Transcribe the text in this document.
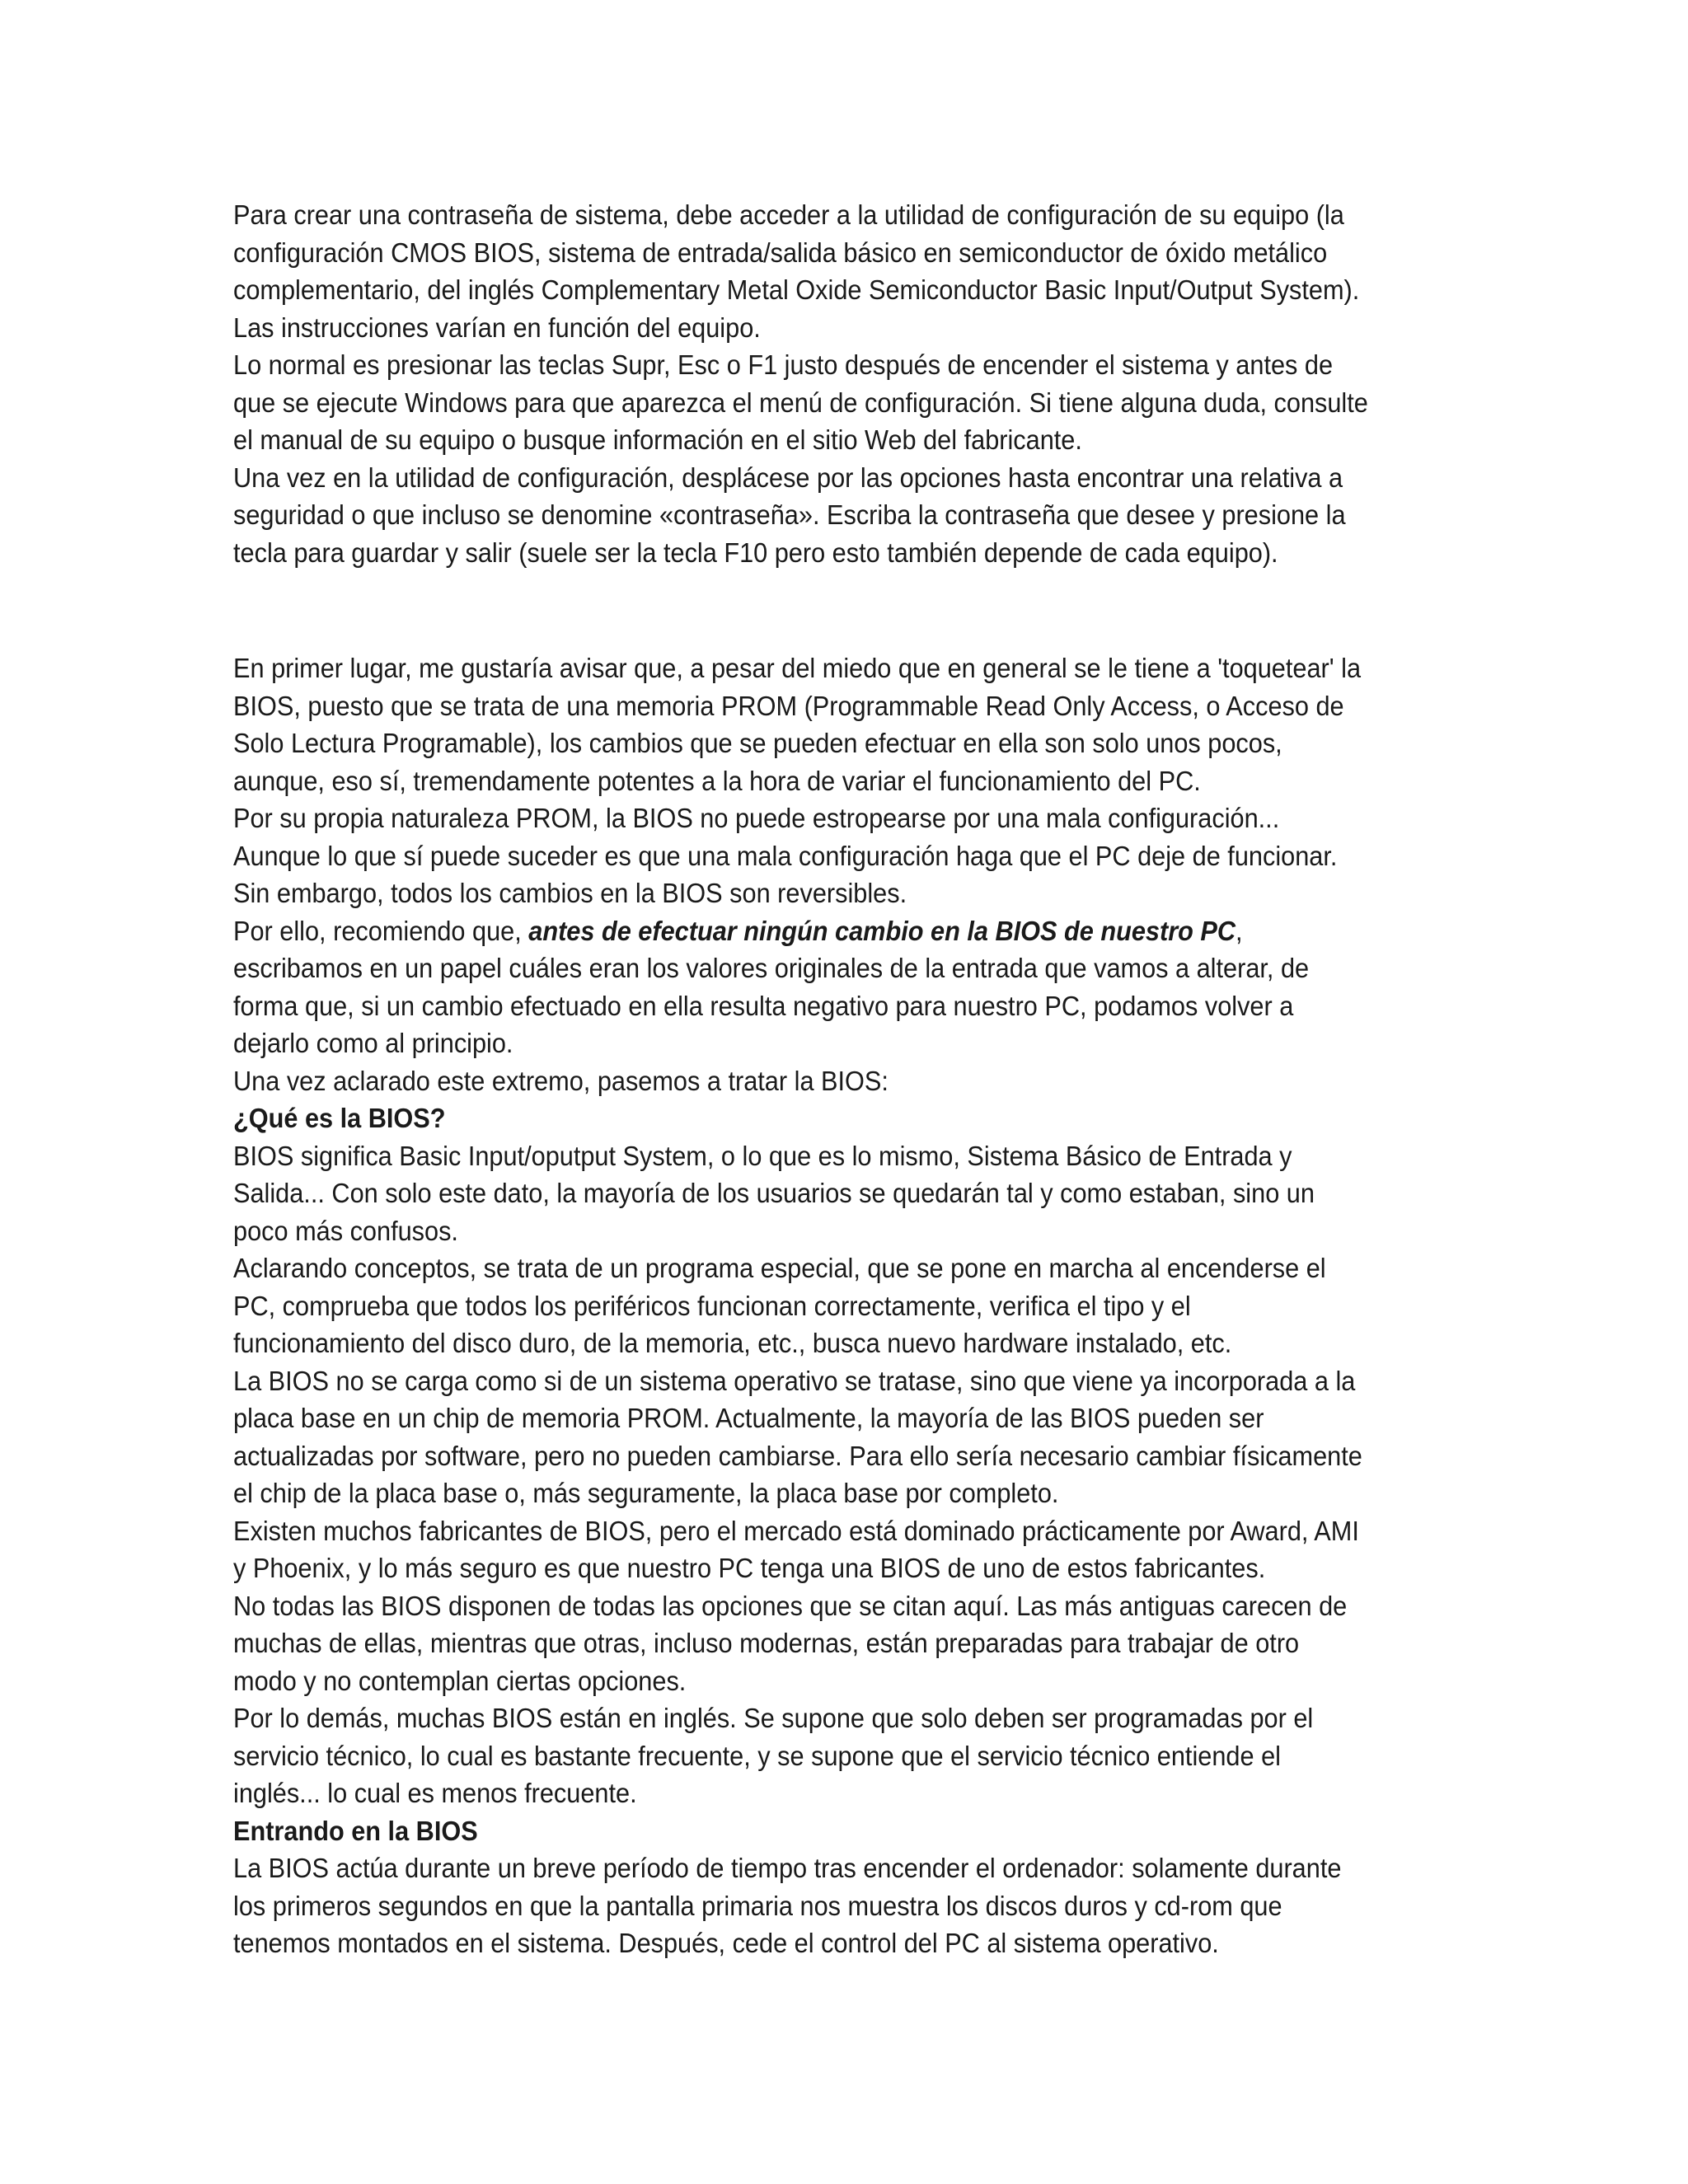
Para crear una contraseña de sistema, debe acceder a la utilidad de configuración de su equipo (la
configuración CMOS BIOS, sistema de entrada/salida básico en semiconductor de óxido metálico
complementario, del inglés Complementary Metal Oxide Semiconductor Basic Input/Output System).
Las instrucciones varían en función del equipo.
Lo normal es presionar las teclas Supr, Esc o F1 justo después de encender el sistema y antes de
que se ejecute Windows para que aparezca el menú de configuración. Si tiene alguna duda, consulte
el manual de su equipo o busque información en el sitio Web del fabricante.
Una vez en la utilidad de configuración, desplácese por las opciones hasta encontrar una relativa a
seguridad o que incluso se denomine «contraseña». Escriba la contraseña que desee y presione la
tecla para guardar y salir (suele ser la tecla F10 pero esto también depende de cada equipo).
En primer lugar, me gustaría avisar que, a pesar del miedo que en general se le tiene a 'toquetear' la
BIOS, puesto que se trata de una memoria PROM (Programmable Read Only Access, o Acceso de
Solo Lectura Programable), los cambios que se pueden efectuar en ella son solo unos pocos,
aunque, eso sí, tremendamente potentes a la hora de variar el funcionamiento del PC.
Por su propia naturaleza PROM, la BIOS no puede estropearse por una mala configuración...
Aunque lo que sí puede suceder es que una mala configuración haga que el PC deje de funcionar.
Sin embargo, todos los cambios en la BIOS son reversibles.
Por ello, recomiendo que, antes de efectuar ningún cambio en la BIOS de nuestro PC,
escribamos en un papel cuáles eran los valores originales de la entrada que vamos a alterar, de
forma que, si un cambio efectuado en ella resulta negativo para nuestro PC, podamos volver a
dejarlo como al principio.
Una vez aclarado este extremo, pasemos a tratar la BIOS:
¿Qué es la BIOS?
BIOS significa Basic Input/oputput System, o lo que es lo mismo, Sistema Básico de Entrada y
Salida... Con solo este dato, la mayoría de los usuarios se quedarán tal y como estaban, sino un
poco más confusos.
Aclarando conceptos, se trata de un programa especial, que se pone en marcha al encenderse el
PC, comprueba que todos los periféricos funcionan correctamente, verifica el tipo y el
funcionamiento del disco duro, de la memoria, etc., busca nuevo hardware instalado, etc.
La BIOS no se carga como si de un sistema operativo se tratase, sino que viene ya incorporada a la
placa base en un chip de memoria PROM. Actualmente, la mayoría de las BIOS pueden ser
actualizadas por software, pero no pueden cambiarse. Para ello sería necesario cambiar físicamente
el chip de la placa base o, más seguramente, la placa base por completo.
Existen muchos fabricantes de BIOS, pero el mercado está dominado prácticamente por Award, AMI
y Phoenix, y lo más seguro es que nuestro PC tenga una BIOS de uno de estos fabricantes.
No todas las BIOS disponen de todas las opciones que se citan aquí. Las más antiguas carecen de
muchas de ellas, mientras que otras, incluso modernas, están preparadas para trabajar de otro
modo y no contemplan ciertas opciones.
Por lo demás, muchas BIOS están en inglés. Se supone que solo deben ser programadas por el
servicio técnico, lo cual es bastante frecuente, y se supone que el servicio técnico entiende el
inglés... lo cual es menos frecuente.
Entrando en la BIOS
La BIOS actúa durante un breve período de tiempo tras encender el ordenador: solamente durante
los primeros segundos en que la pantalla primaria nos muestra los discos duros y cd-rom que
tenemos montados en el sistema. Después, cede el control del PC al sistema operativo.
